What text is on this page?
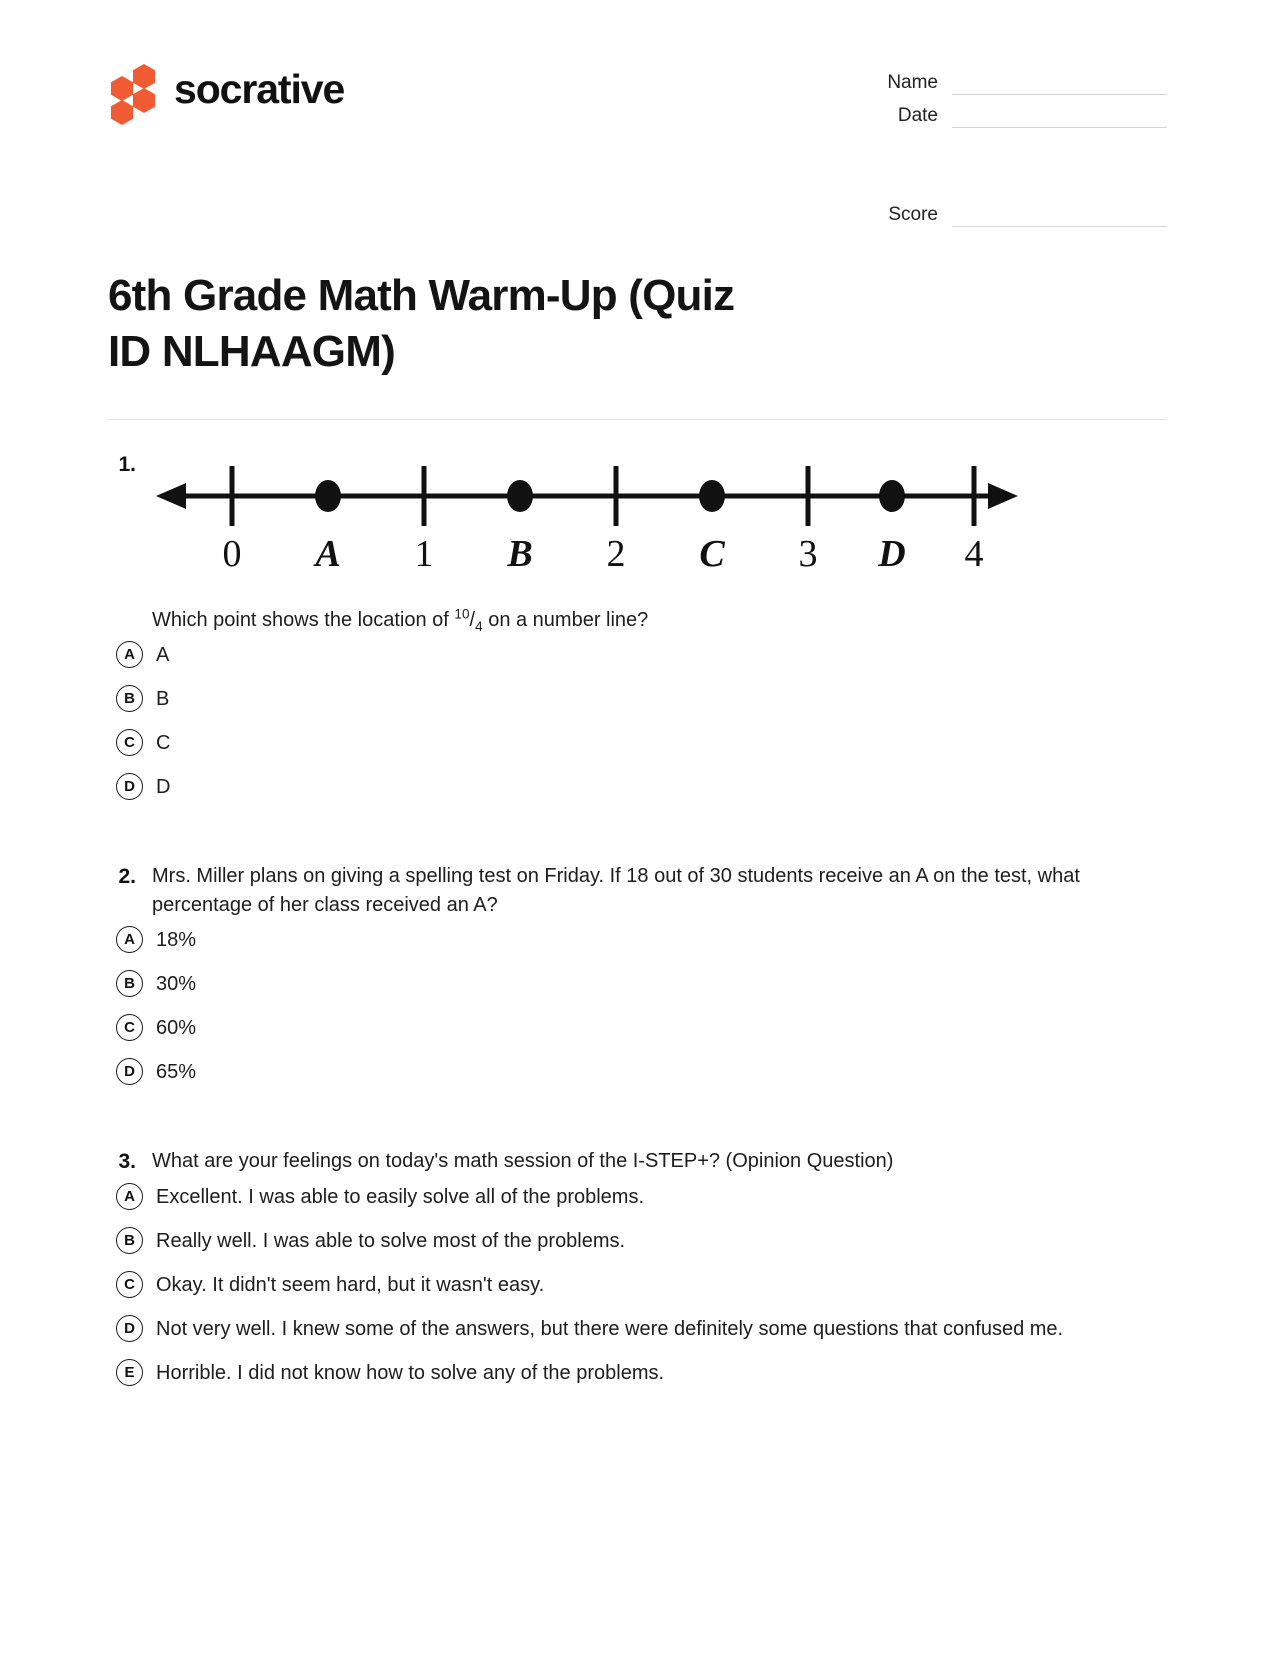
socrative	Name
Date
Score
6th Grade Math Warm-Up (Quiz ID NLHAAGM)
1.
0 A 1 B 2 C 3 D 4
Which point shows the location of $^{10}/_4$ on a number line?
A	A
B	B
C	C
D	D
2. Mrs. Miller plans on giving a spelling test on Friday. If 18 out of 30 students receive an A on the test, what percentage of her class received an A?
A	18%
B	30%
C	60%
D	65%
3. What are your feelings on today's math session of the I-STEP+? (Opinion Question)
A	Excellent. I was able to easily solve all of the problems.
B	Really well. I was able to solve most of the problems.
C	Okay. It didn't seem hard, but it wasn't easy.
D	Not very well. I knew some of the answers, but there were definitely some questions that confused me.
E	Horrible. I did not know how to solve any of the problems.
